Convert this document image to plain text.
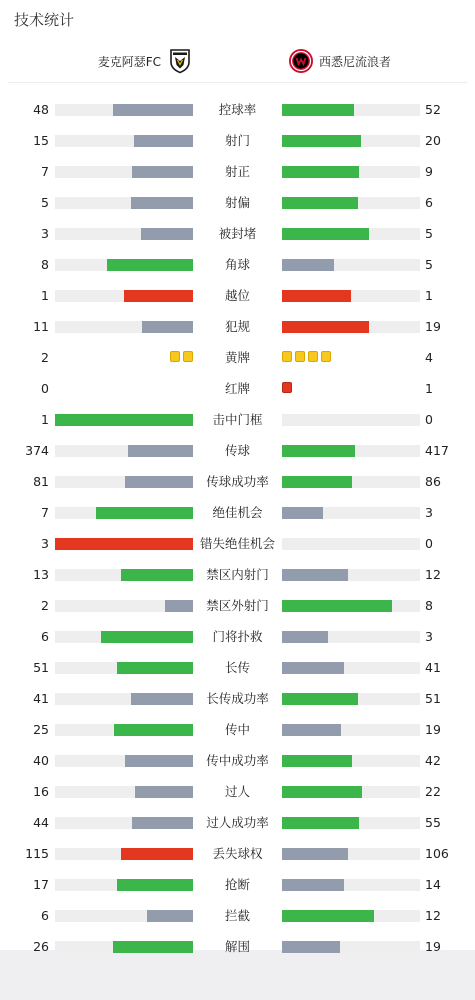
技术统计
麦克阿瑟FC	西悉尼流浪者
48	控球率	52
15	射门	20
7	射正	9
5	射偏	6
3	被封堵	5
8	角球	5
1	越位	1
11	犯规	19
2	黄牌	4
0	红牌	1
1	击中门框	0
374	传球	417
81	传球成功率	86
7	绝佳机会	3
3	错失绝佳机会	0
13	禁区内射门	12
2	禁区外射门	8
6	门将扑救	3
51	长传	41
41	长传成功率	51
25	传中	19
40	传中成功率	42
16	过人	22
44	过人成功率	55
115	丢失球权	106
17	抢断	14
6	拦截	12
26	解围	19
